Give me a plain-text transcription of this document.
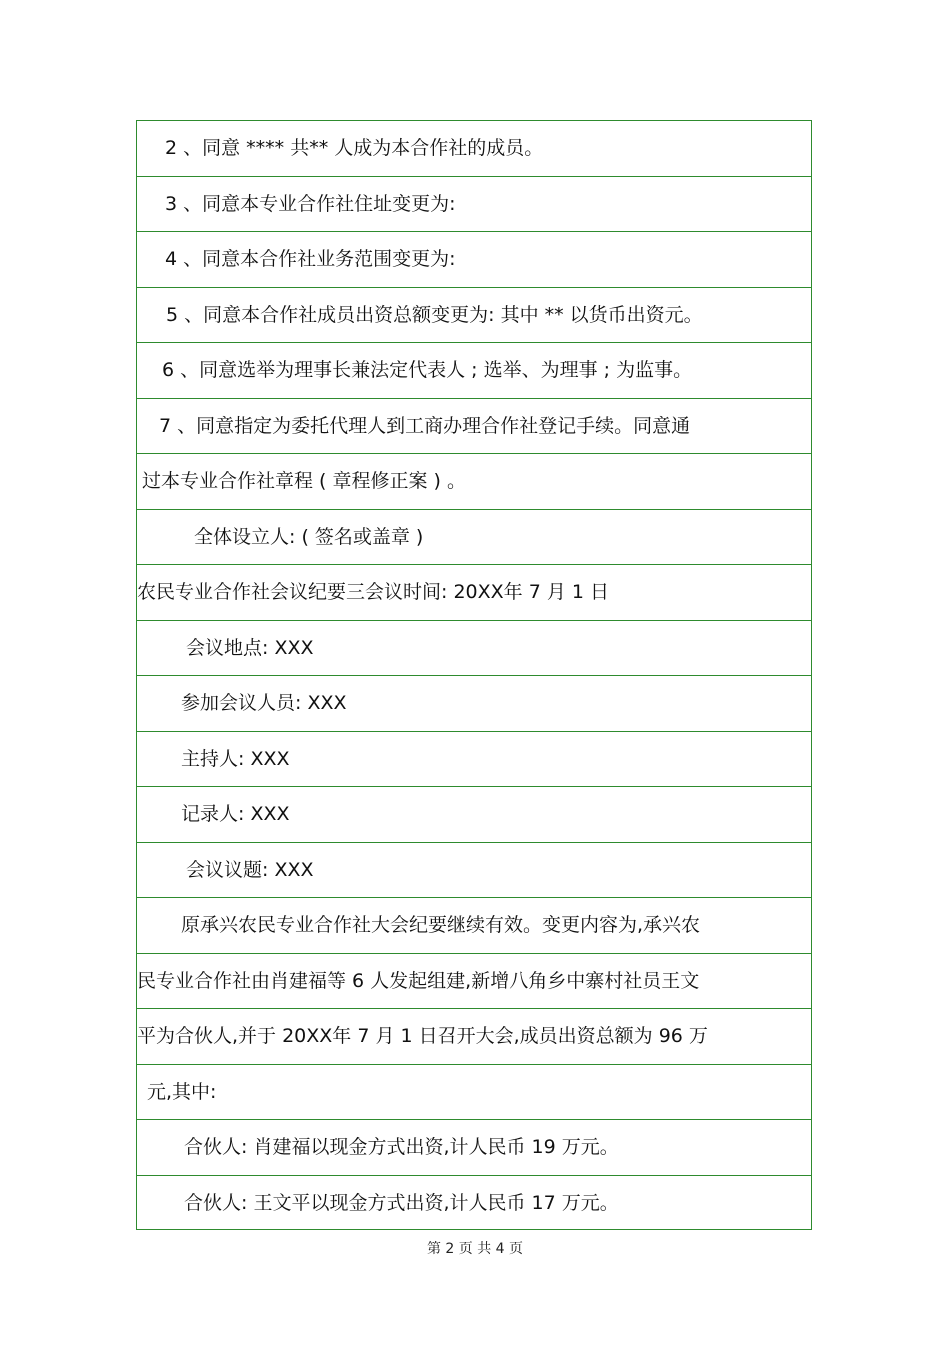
2 、同意 **** 共** 人成为本合作社的成员。
3 、同意本专业合作社住址变更为:
4 、同意本合作社业务范围变更为:
5 、同意本合作社成员出资总额变更为: 其中 ** 以货币出资元。
6 、同意选举为理事长兼法定代表人 ; 选举、为理事 ; 为监事。
7 、同意指定为委托代理人到工商办理合作社登记手续。同意通
过本专业合作社章程 ( 章程修正案 ) 。
全体设立人: ( 签名或盖章 )
农民专业合作社会议纪要三会议时间: 20XX年 7 月 1 日
会议地点: XXX
参加会议人员: XXX
主持人: XXX
记录人: XXX
会议议题: XXX
原承兴农民专业合作社大会纪要继续有效。变更内容为,承兴农
民专业合作社由肖建福等 6 人发起组建,新增八角乡中寨村社员王文
平为合伙人,并于 20XX年 7 月 1 日召开大会,成员出资总额为 96 万
元,其中:
合伙人: 肖建福以现金方式出资,计人民币 19 万元。
合伙人: 王文平以现金方式出资,计人民币 17 万元。
第 2 页 共 4 页
